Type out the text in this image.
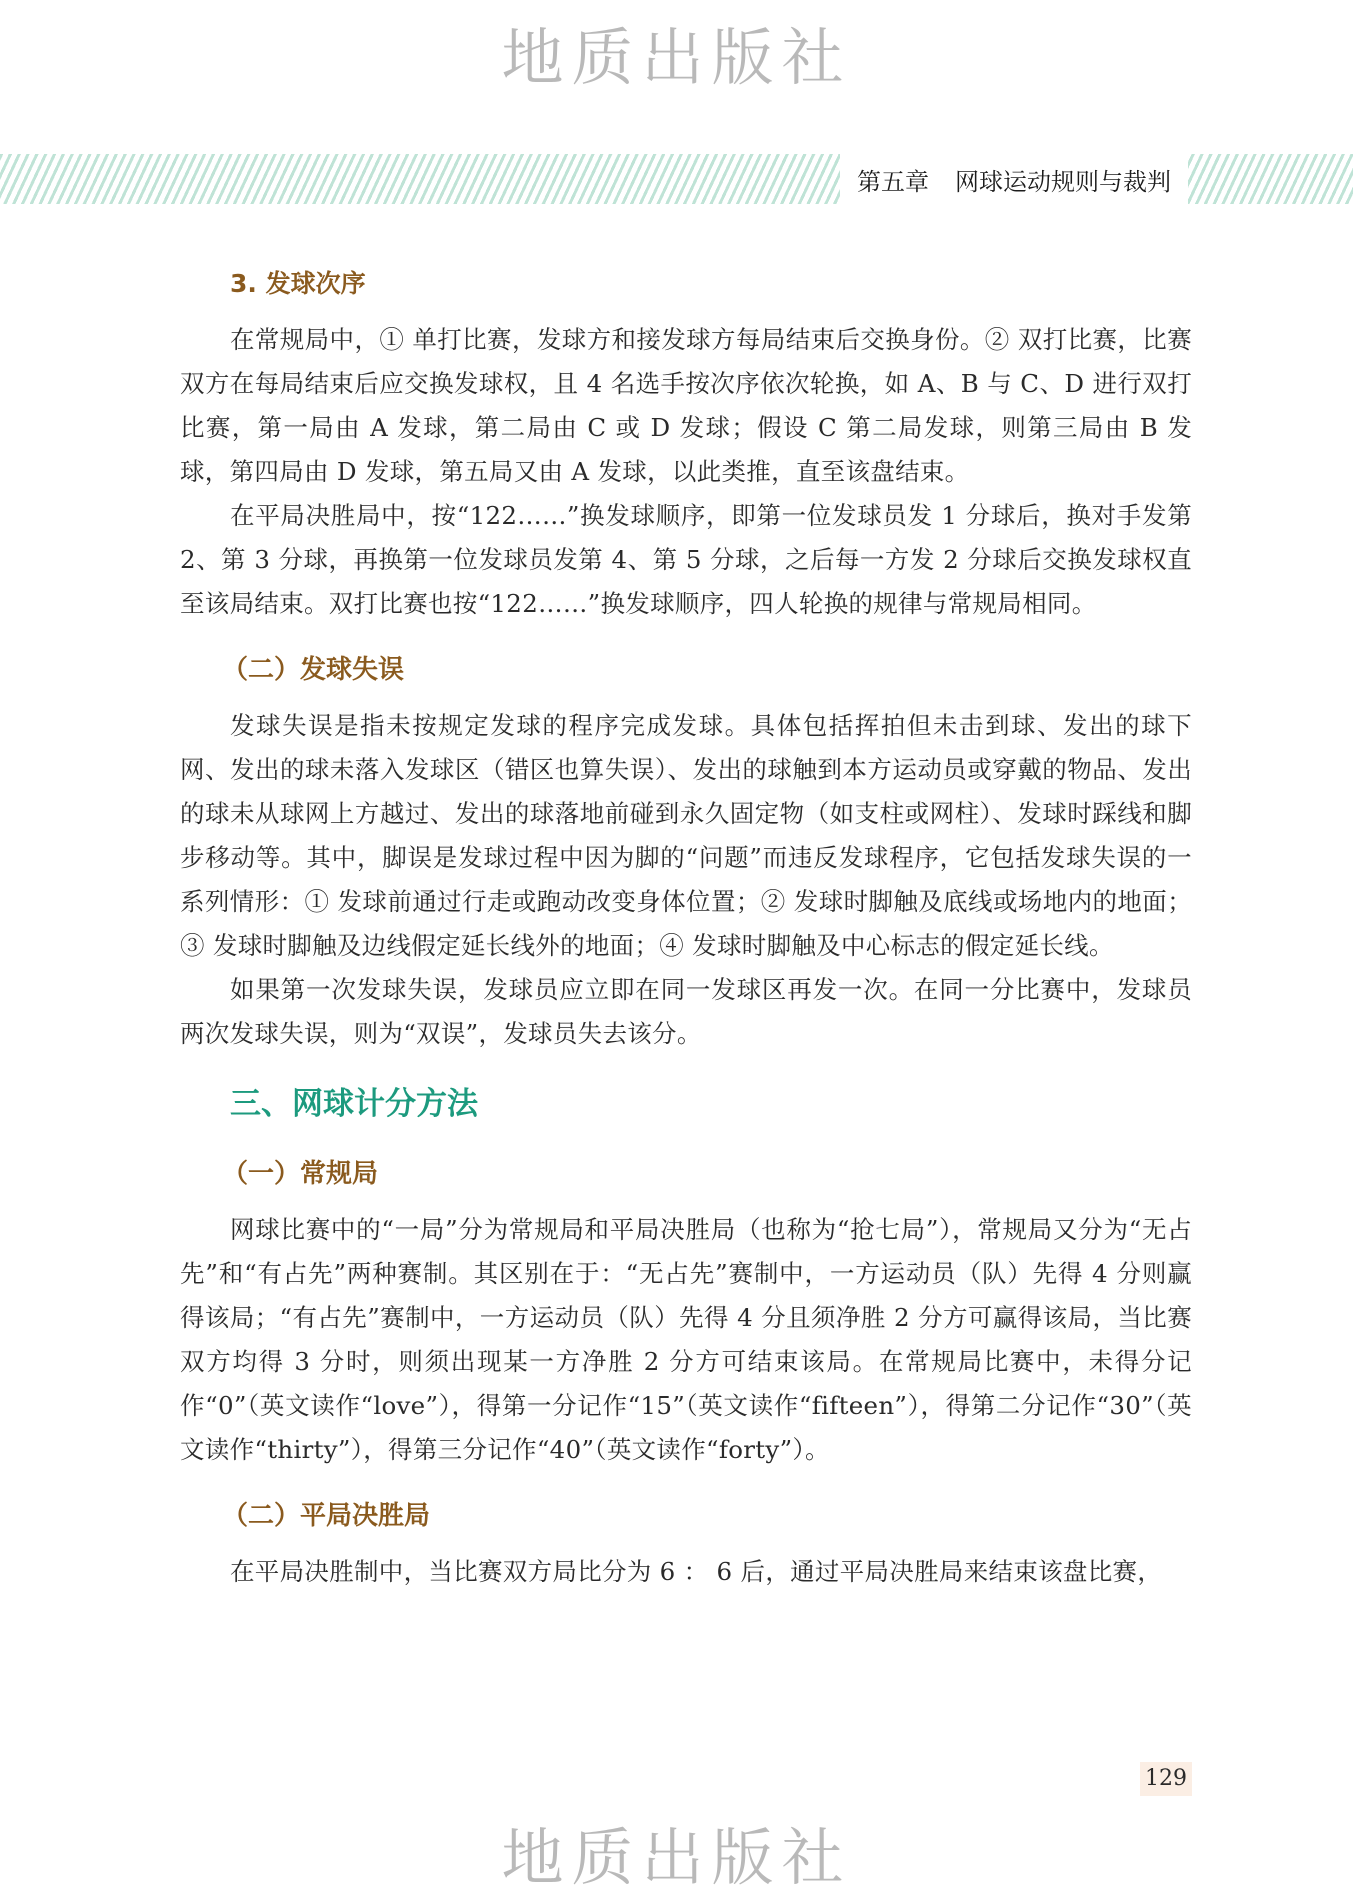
地质出版社
第五章 网球运动规则与裁判
3. 发球次序

在常规局中，① 单打比赛，发球方和接发球方每局结束后交换身份。② 双打比赛，比赛双方在每局结束后应交换发球权，且 4 名选手按次序依次轮换，如 A、B 与 C、D 进行双打比赛，第一局由 A 发球，第二局由 C 或 D 发球；假设 C 第二局发球，则第三局由 B 发球，第四局由 D 发球，第五局又由 A 发球，以此类推，直至该盘结束。

在平局决胜局中，按“122……”换发球顺序，即第一位发球员发 1 分球后，换对手发第 2、第 3 分球，再换第一位发球员发第 4、第 5 分球，之后每一方发 2 分球后交换发球权直至该局结束。双打比赛也按“122……”换发球顺序，四人轮换的规律与常规局相同。

（二）发球失误

发球失误是指未按规定发球的程序完成发球。具体包括挥拍但未击到球、发出的球下网、发出的球未落入发球区（错区也算失误）、发出的球触到本方运动员或穿戴的物品、发出的球未从球网上方越过、发出的球落地前碰到永久固定物（如支柱或网柱）、发球时踩线和脚步移动等。其中，脚误是发球过程中因为脚的“问题”而违反发球程序，它包括发球失误的一系列情形：① 发球前通过行走或跑动改变身体位置；② 发球时脚触及底线或场地内的地面；③ 发球时脚触及边线假定延长线外的地面；④ 发球时脚触及中心标志的假定延长线。

如果第一次发球失误，发球员应立即在同一发球区再发一次。在同一分比赛中，发球员两次发球失误，则为“双误”，发球员失去该分。

三、网球计分方法
（一）常规局

网球比赛中的“一局”分为常规局和平局决胜局（也称为“抢七局”），常规局又分为“无占先”和“有占先”两种赛制。其区别在于：“无占先”赛制中，一方运动员（队）先得 4 分则赢得该局；“有占先”赛制中，一方运动员（队）先得 4 分且须净胜 2 分方可赢得该局，当比赛双方均得 3 分时，则须出现某一方净胜 2 分方可结束该局。在常规局比赛中，未得分记作“0”（英文读作“love”），得第一分记作“15”（英文读作“fifteen”），得第二分记作“30”（英文读作“thirty”），得第三分记作“40”（英文读作“forty”）。

（二）平局决胜局

在平局决胜制中，当比赛双方局比分为 6 ： 6 后，通过平局决胜局来结束该盘比赛，

129
地质出版社
